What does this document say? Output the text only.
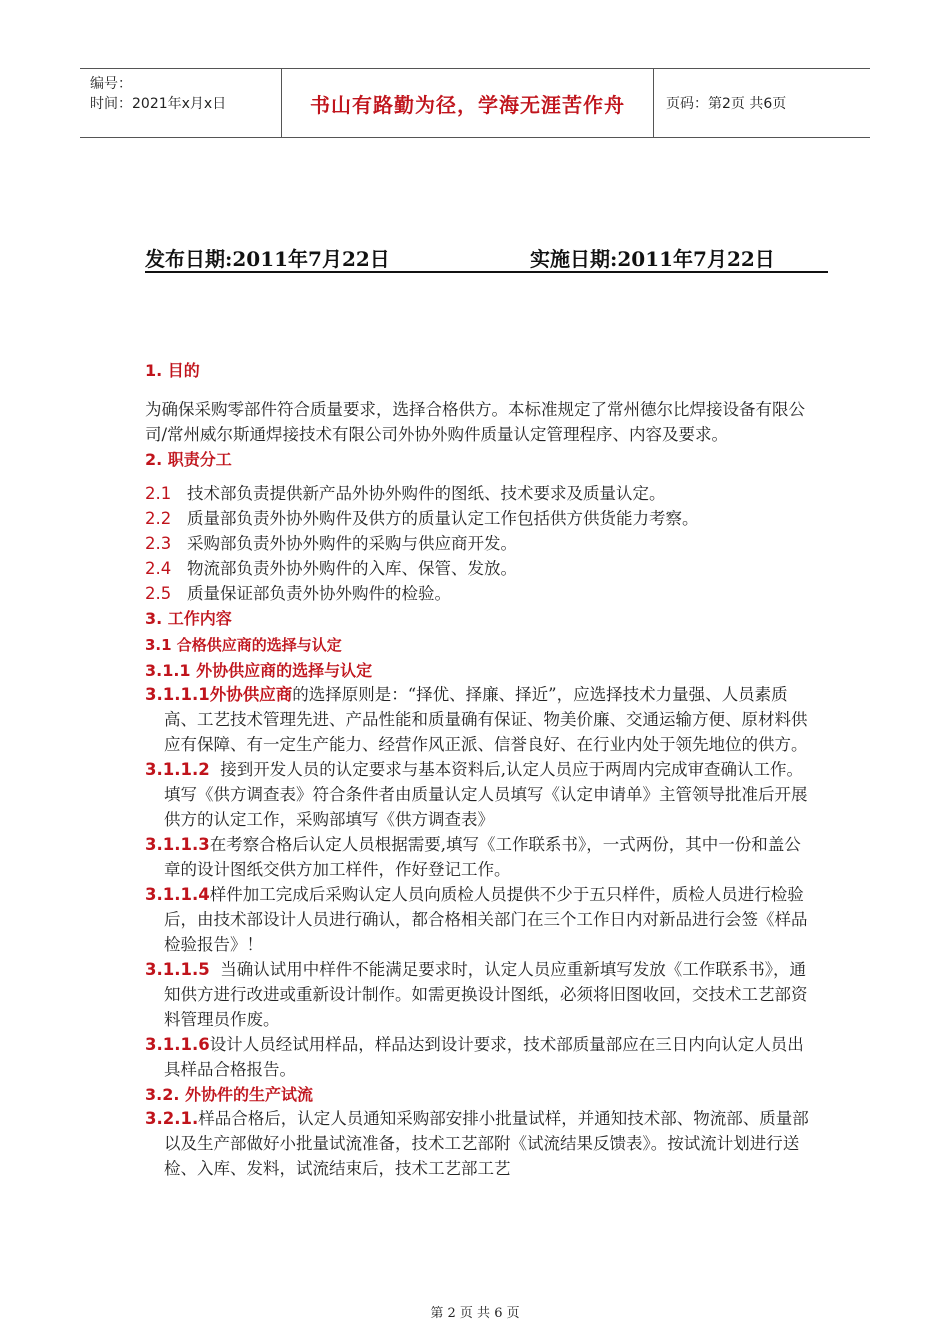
编号：
时间：2021年x月x日	书山有路勤为径，学海无涯苦作舟	页码：第2页 共6页
发布日期:2011年7月22日	实施日期:2011年7月22日

1. 目的

为确保采购零部件符合质量要求，选择合格供方。本标准规定了常州德尔比焊接设备有限公司/常州威尔斯通焊接技术有限公司外协外购件质量认定管理程序、内容及要求。

2. 职责分工

2.1 技术部负责提供新产品外协外购件的图纸、技术要求及质量认定。

2.2 质量部负责外协外购件及供方的质量认定工作包括供方供货能力考察。

2.3 采购部负责外协外购件的采购与供应商开发。

2.4 物流部负责外协外购件的入库、保管、发放。

2.5 质量保证部负责外协外购件的检验。

3. 工作内容

3.1 合格供应商的选择与认定

3.1.1 外协供应商的选择与认定

3.1.1.1外协供应商的选择原则是：“择优、择廉、择近”，应选择技术力量强、人员素质高、工艺技术管理先进、产品性能和质量确有保证、物美价廉、交通运输方便、原材料供应有保障、有一定生产能力、经营作风正派、信誉良好、在行业内处于领先地位的供方。

3.1.1.2 接到开发人员的认定要求与基本资料后,认定人员应于两周内完成审查确认工作。填写《供方调查表》符合条件者由质量认定人员填写《认定申请单》主管领导批准后开展供方的认定工作，采购部填写《供方调查表》

3.1.1.3在考察合格后认定人员根据需要,填写《工作联系书》，一式两份，其中一份和盖公章的设计图纸交供方加工样件，作好登记工作。

3.1.1.4样件加工完成后采购认定人员向质检人员提供不少于五只样件，质检人员进行检验后，由技术部设计人员进行确认，都合格相关部门在三个工作日内对新品进行会签《样品检验报告》！

3.1.1.5 当确认试用中样件不能满足要求时，认定人员应重新填写发放《工作联系书》，通知供方进行改进或重新设计制作。如需更换设计图纸，必须将旧图收回，交技术工艺部资料管理员作废。

3.1.1.6设计人员经试用样品，样品达到设计要求，技术部质量部应在三日内向认定人员出具样品合格报告。

3.2. 外协件的生产试流

3.2.1.样品合格后，认定人员通知采购部安排小批量试样，并通知技术部、物流部、质量部以及生产部做好小批量试流准备，技术工艺部附《试流结果反馈表》。按试流计划进行送检、入库、发料，试流结束后，技术工艺部工艺

第 2 页 共 6 页
